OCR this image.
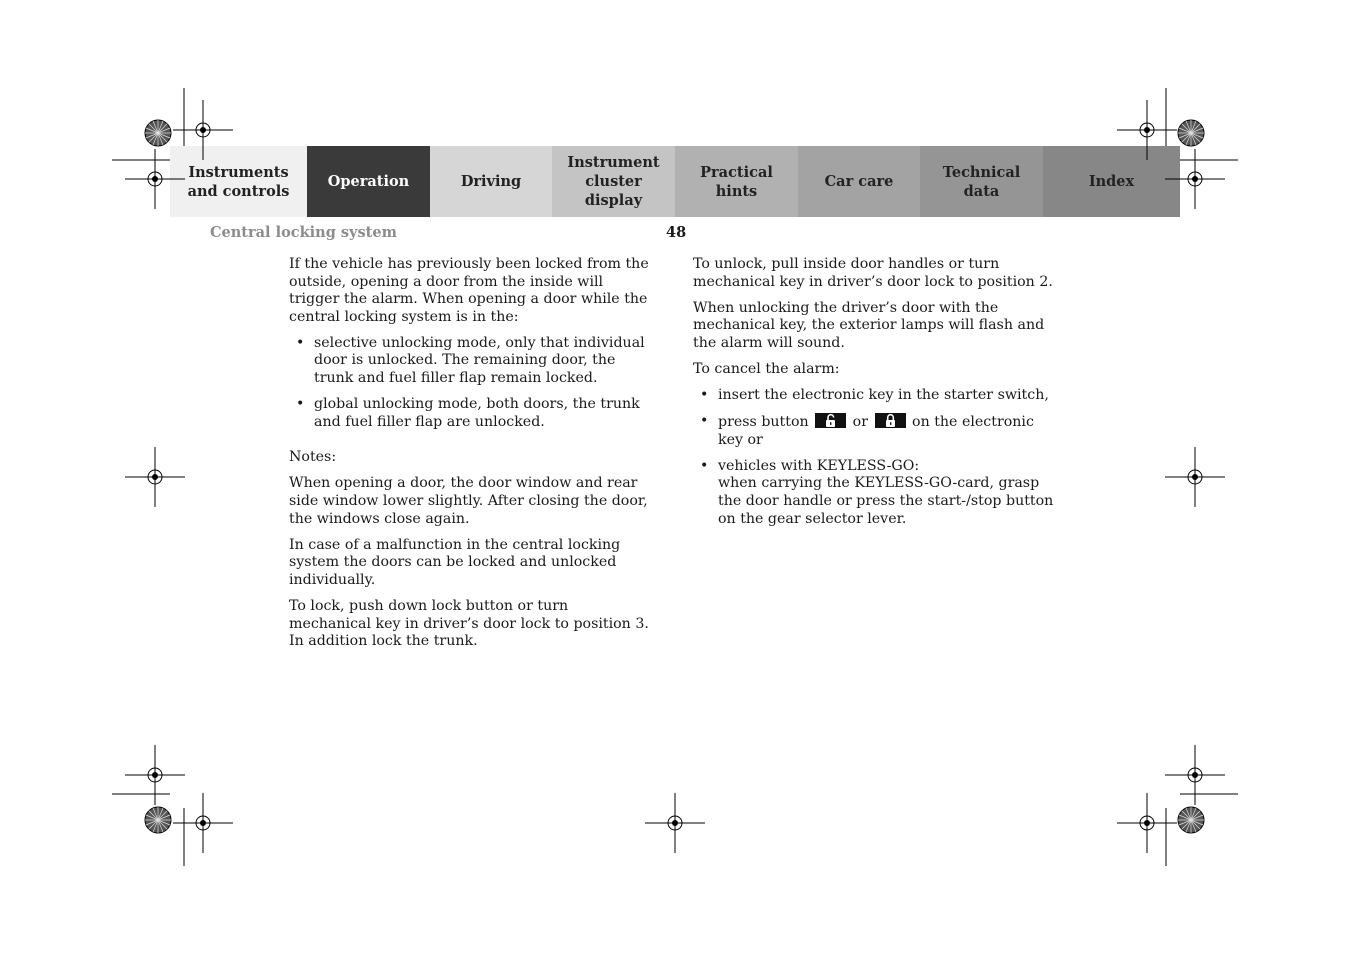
Instruments
and controls
Operation	Driving
Instrument
cluster display
Practical hints
Car care
Technical
data
Index
Central locking system	48

If the vehicle has previously been locked from the outside, opening a door from the inside will trigger the alarm. When opening a door while the central locking system is in the:

• selective unlocking mode, only that individual door is unlocked. The remaining door, the trunk and fuel filler flap remain locked.
• global unlocking mode, both doors, the trunk and fuel filler flap are unlocked.

Notes:

When opening a door, the door window and rear side window lower slightly. After closing the door, the windows close again.

In case of a malfunction in the central locking system the doors can be locked and unlocked individually.

To lock, push down lock button or turn mechanical key in driver’s door lock to position 3. In addition lock the trunk.

To unlock, pull inside door handles or turn mechanical key in driver’s door lock to position 2.

When unlocking the driver’s door with the mechanical key, the exterior lamps will flash and the alarm will sound.

To cancel the alarm:

• insert the electronic key in the starter switch,
• press button	or	on the electronic key or
• vehicles with KEYLESS-GO:
when carrying the KEYLESS-GO-card, grasp the door handle or press the start-/stop button on the gear selector lever.
